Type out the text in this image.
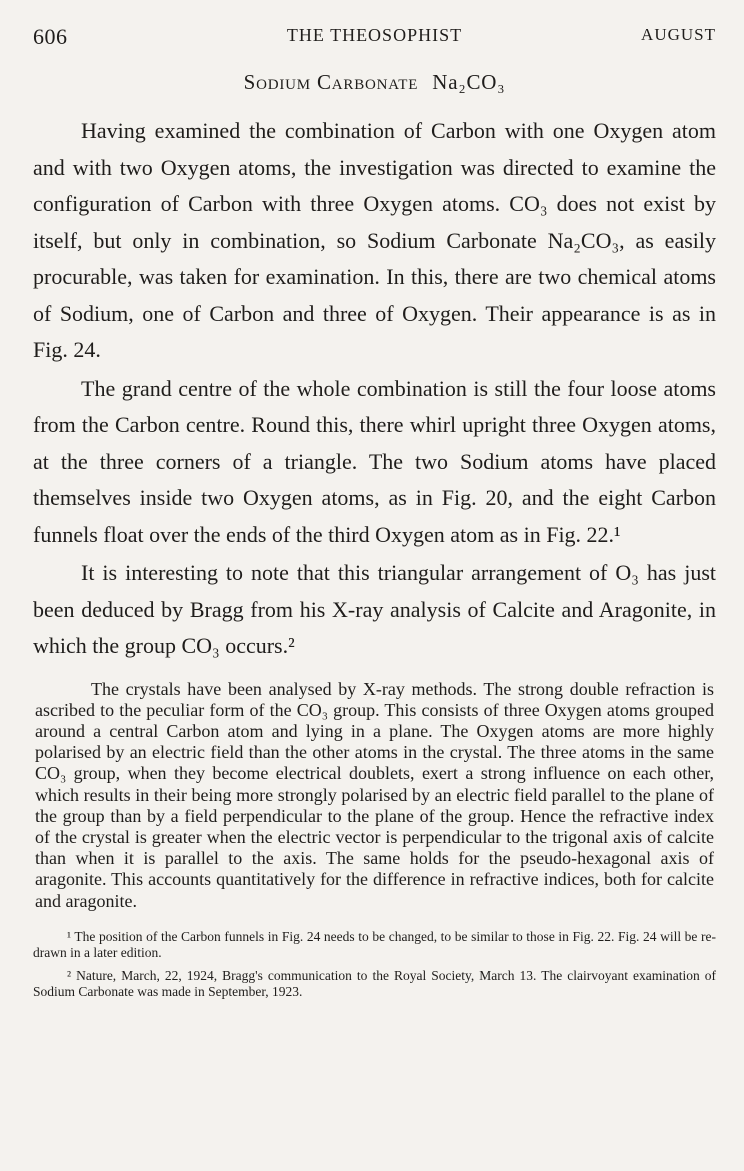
606	THE THEOSOPHIST	AUGUST
Sodium Carbonate Na₂CO₃

Having examined the combination of Carbon with one Oxygen atom and with two Oxygen atoms, the investigation was directed to examine the configuration of Carbon with three Oxygen atoms. CO₃ does not exist by itself, but only in combination, so Sodium Carbonate Na₂CO₃, as easily procurable, was taken for examination. In this, there are two chemical atoms of Sodium, one of Carbon and three of Oxygen. Their appearance is as in Fig. 24.

The grand centre of the whole combination is still the four loose atoms from the Carbon centre. Round this, there whirl upright three Oxygen atoms, at the three corners of a triangle. The two Sodium atoms have placed themselves inside two Oxygen atoms, as in Fig. 20, and the eight Carbon funnels float over the ends of the third Oxygen atom as in Fig. 22.¹

It is interesting to note that this triangular arrangement of O₃ has just been deduced by Bragg from his X-ray analysis of Calcite and Aragonite, in which the group CO₃ occurs.²

The crystals have been analysed by X-ray methods. The strong double refraction is ascribed to the peculiar form of the CO₃ group. This consists of three Oxygen atoms grouped around a central Carbon atom and lying in a plane. The Oxygen atoms are more highly polarised by an electric field than the other atoms in the crystal. The three atoms in the same CO₃ group, when they become electrical doublets, exert a strong influence on each other, which results in their being more strongly polarised by an electric field parallel to the plane of the group than by a field perpendicular to the plane of the group. Hence the refractive index of the crystal is greater when the electric vector is perpendicular to the trigonal axis of calcite than when it is parallel to the axis. The same holds for the pseudo-hexagonal axis of aragonite. This accounts quantitatively for the difference in refractive indices, both for calcite and aragonite.

¹ The position of the Carbon funnels in Fig. 24 needs to be changed, to be similar to those in Fig. 22. Fig. 24 will be re-drawn in a later edition.

² Nature, March, 22, 1924, Bragg's communication to the Royal Society, March 13. The clairvoyant examination of Sodium Carbonate was made in September, 1923.
